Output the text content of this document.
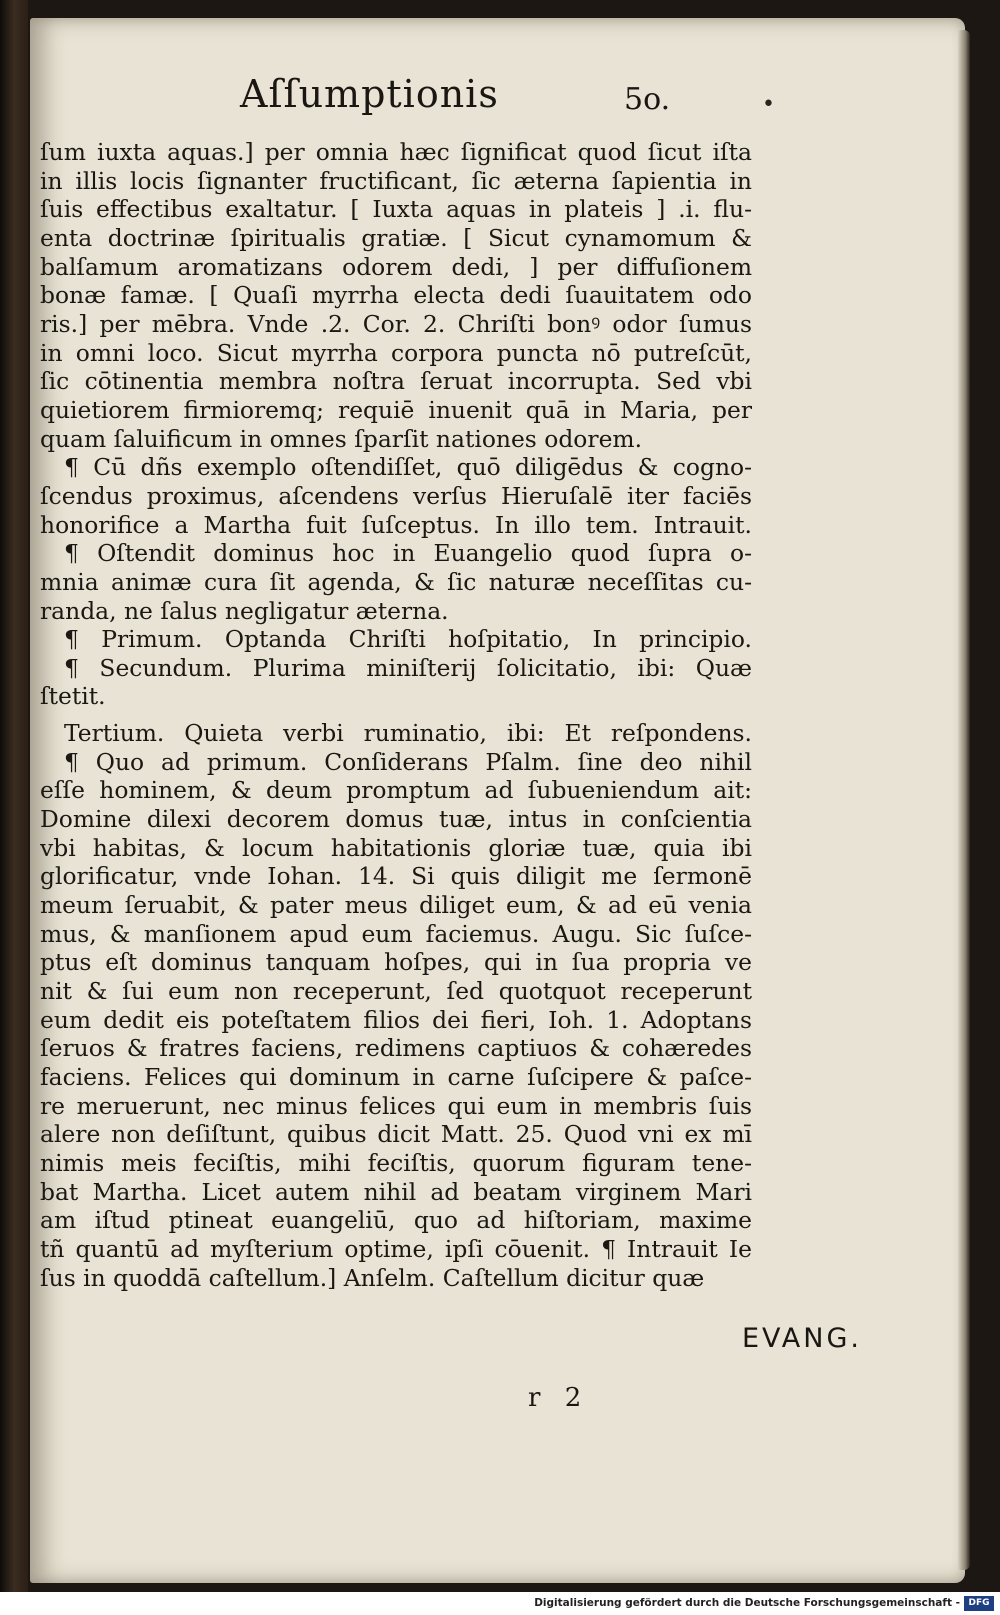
Aſſumptionis	5o.	•
ſum iuxta aquas.] per omnia hæc ſignificat quod ſicut iſta
in illis locis ſignanter fructificant, ſic æterna ſapientia in
ſuis effectibus exaltatur. [ Iuxta aquas in plateis ] .i. flu-
enta doctrinæ ſpiritualis gratiæ. [ Sicut cynamomum &
balſamum aromatizans odorem dedi, ] per diffuſionem
bonæ famæ. [ Quaſi myrrha electa dedi ſuauitatem odo
ris.] per mēbra. Vnde .2. Cor. 2. Chriſti bonꝰ odor ſumus
in omni loco. Sicut myrrha corpora puncta nō putreſcūt,
ſic cōtinentia membra noſtra ſeruat incorrupta. Sed vbi
quietiorem firmioremq; requiē inuenit quā in Maria, per
quam ſaluificum in omnes ſparſit nationes odorem.
¶ Cū dñs exemplo oſtendiſſet, quō diligēdus & cogno-
ſcendus proximus, aſcendens verſus Hieruſalē iter faciēs
honorifice a Martha fuit ſuſceptus. In illo tem. Intrauit.
¶ Oſtendit dominus hoc in Euangelio quod ſupra o-
mnia animæ cura ſit agenda, & ſic naturæ neceſſitas cu-
randa, ne ſalus negligatur æterna.
¶ Primum. Optanda Chriſti hoſpitatio, In principio.
¶ Secundum. Plurima miniſterij ſolicitatio, ibi: Quæ
ſtetit.
Tertium. Quieta verbi ruminatio, ibi: Et reſpondens.
¶ Quo ad primum. Conſiderans Pſalm. ſine deo nihil
eſſe hominem, & deum promptum ad ſubueniendum ait:
Domine dilexi decorem domus tuæ, intus in conſcientia
vbi habitas, & locum habitationis gloriæ tuæ, quia ibi
glorificatur, vnde Iohan. 14. Si quis diligit me ſermonē
meum ſeruabit, & pater meus diliget eum, & ad eū venia
mus, & manſionem apud eum faciemus. Augu. Sic ſuſce-
ptus eſt dominus tanquam hoſpes, qui in ſua propria ve
nit & ſui eum non receperunt, ſed quotquot receperunt
eum dedit eis poteſtatem filios dei fieri, Ioh. 1. Adoptans
ſeruos & fratres faciens, redimens captiuos & cohæredes
faciens. Felices qui dominum in carne ſuſcipere & paſce-
re meruerunt, nec minus felices qui eum in membris ſuis
alere non deſiſtunt, quibus dicit Matt. 25. Quod vni ex mī
nimis meis feciſtis, mihi feciſtis, quorum figuram tene-
bat Martha. Licet autem nihil ad beatam virginem Mari
am iſtud ptineat euangeliū, quo ad hiſtoriam, maxime
tñ quantū ad myſterium optime, ipſi cōuenit. ¶ Intrauit Ie
ſus in quoddā caſtellum.] Anſelm. Caſtellum dicitur quæ
EVANG.
r 2
Digitalisierung gefördert durch die Deutsche Forschungsgemeinschaft - DFG
